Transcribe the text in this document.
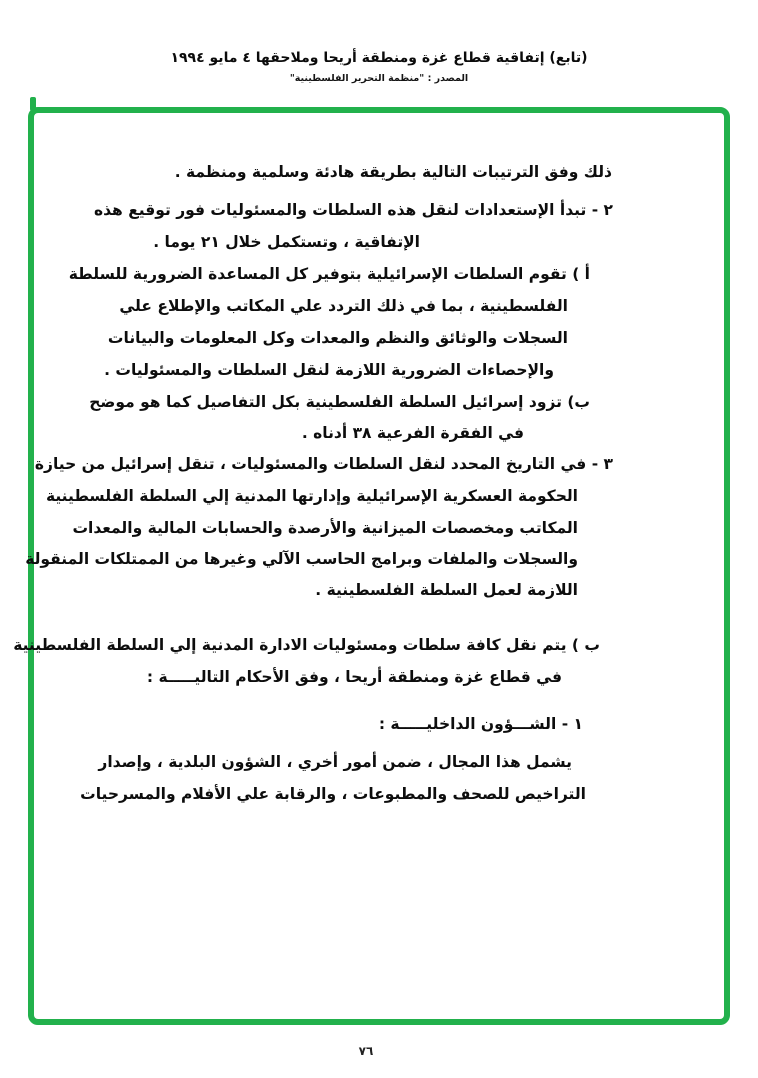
(تابع) إتفاقية قطاع غزة ومنطقة أريحا وملاحقها ٤ مايو ١٩٩٤
المصدر : "منظمة التحرير الفلسطينية"
ذلك وفق الترتيبات التالية بطريقة هادئة وسلمية ومنظمة .
٢ - تبدأ الإستعدادات لنقل هذه السلطات والمسئوليات فور توقيع هذه
الإتفاقية ، وتستكمل خلال ٢١ يوما .
أ ) تقوم السلطات الإسرائيلية بتوفير كل المساعدة الضرورية للسلطة
الفلسطينية ، بما في ذلك التردد علي المكاتب والإطلاع علي
السجلات والوثائق والنظم والمعدات وكل المعلومات والبيانات
والإحصاءات الضرورية اللازمة لنقل السلطات والمسئوليات .
ب) تزود إسرائيل السلطة الفلسطينية بكل التفاصيل كما هو موضح
في الفقرة الفرعية ٣٨ أدناه .
٣ - في التاريخ المحدد لنقل السلطات والمسئوليات ، تنقل إسرائيل من حيازة
الحكومة العسكرية الإسرائيلية وإدارتها المدنية إلي السلطة الفلسطينية
المكاتب ومخصصات الميزانية والأرصدة والحسابات المالية والمعدات
والسجلات والملفات وبرامج الحاسب الآلي وغيرها من الممتلكات المنقولة
اللازمة لعمل السلطة الفلسطينية .
ب ) يتم نقل كافة سلطات ومسئوليات الادارة المدنية إلي السلطة الفلسطينية
في قطاع غزة ومنطقة أريحا ، وفق الأحكام التاليـــــة :
١ - الشـــؤون الداخليـــــة :
يشمل هذا المجال ، ضمن أمور أخري ، الشؤون البلدية ، وإصدار
التراخيص للصحف والمطبوعات ، والرقابة علي الأفلام والمسرحيات
٧٦
